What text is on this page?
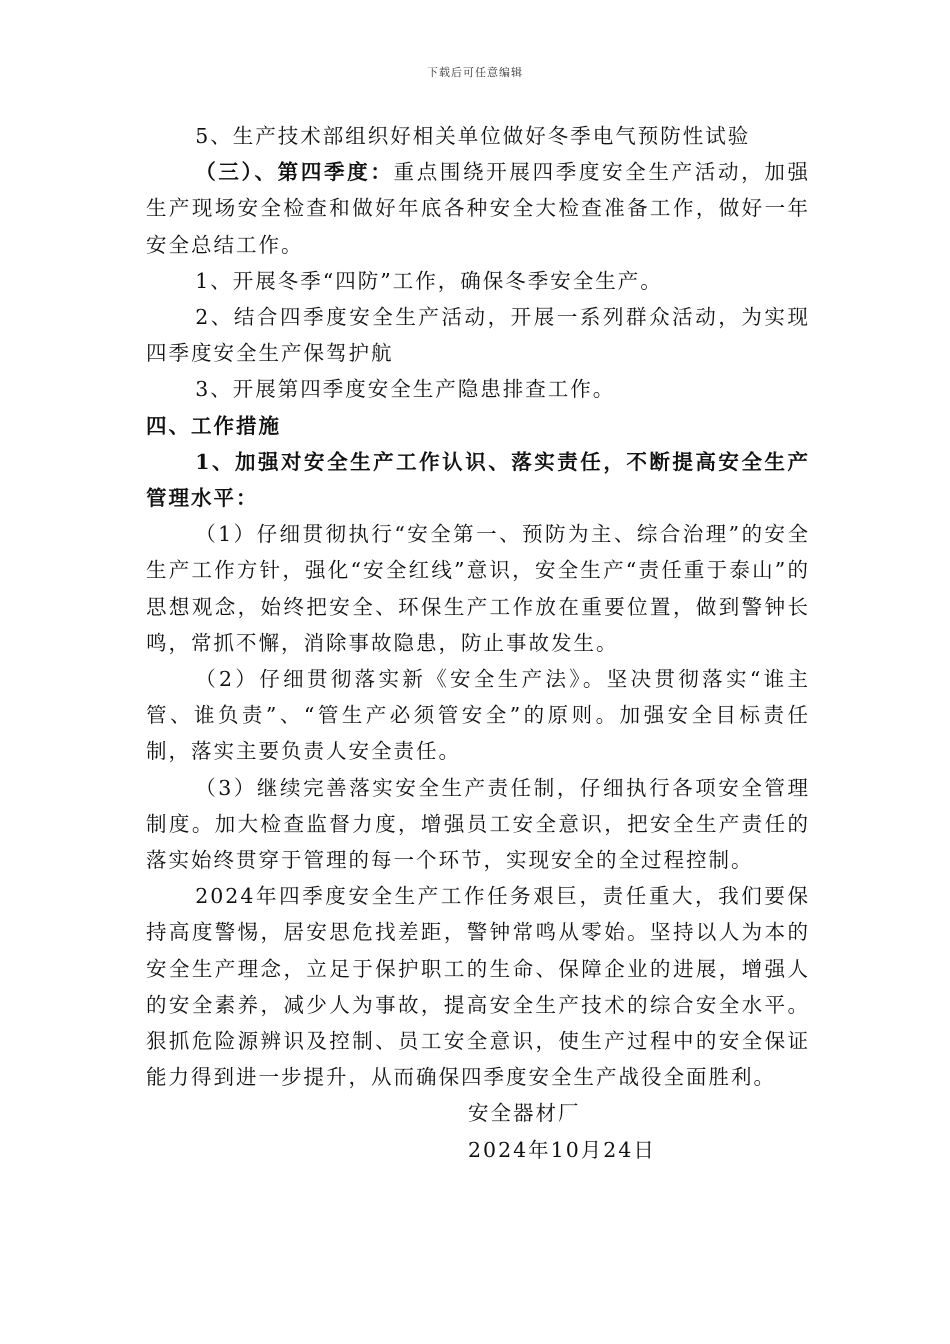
下载后可任意编辑

5、生产技术部组织好相关单位做好冬季电气预防性试验

（三）、第四季度：重点围绕开展四季度安全生产活动，加强生产现场安全检查和做好年底各种安全大检查准备工作，做好一年安全总结工作。

1、开展冬季“四防”工作，确保冬季安全生产。

2、结合四季度安全生产活动，开展一系列群众活动，为实现四季度安全生产保驾护航

3、开展第四季度安全生产隐患排查工作。

四、工作措施

1、加强对安全生产工作认识、落实责任，不断提高安全生产管理水平：

（1）仔细贯彻执行“安全第一、预防为主、综合治理”的安全生产工作方针，强化“安全红线”意识，安全生产“责任重于泰山”的思想观念，始终把安全、环保生产工作放在重要位置，做到警钟长鸣，常抓不懈，消除事故隐患，防止事故发生。

（2）仔细贯彻落实新《安全生产法》。坚决贯彻落实“谁主管、谁负责”、“管生产必须管安全”的原则。加强安全目标责任制，落实主要负责人安全责任。

（3）继续完善落实安全生产责任制，仔细执行各项安全管理制度。加大检查监督力度，增强员工安全意识，把安全生产责任的落实始终贯穿于管理的每一个环节，实现安全的全过程控制。

2024年四季度安全生产工作任务艰巨，责任重大，我们要保持高度警惕，居安思危找差距，警钟常鸣从零始。坚持以人为本的安全生产理念，立足于保护职工的生命、保障企业的进展，增强人的安全素养，减少人为事故，提高安全生产技术的综合安全水平。狠抓危险源辨识及控制、员工安全意识，使生产过程中的安全保证能力得到进一步提升，从而确保四季度安全生产战役全面胜利。

安全器材厂

2024年10月24日
